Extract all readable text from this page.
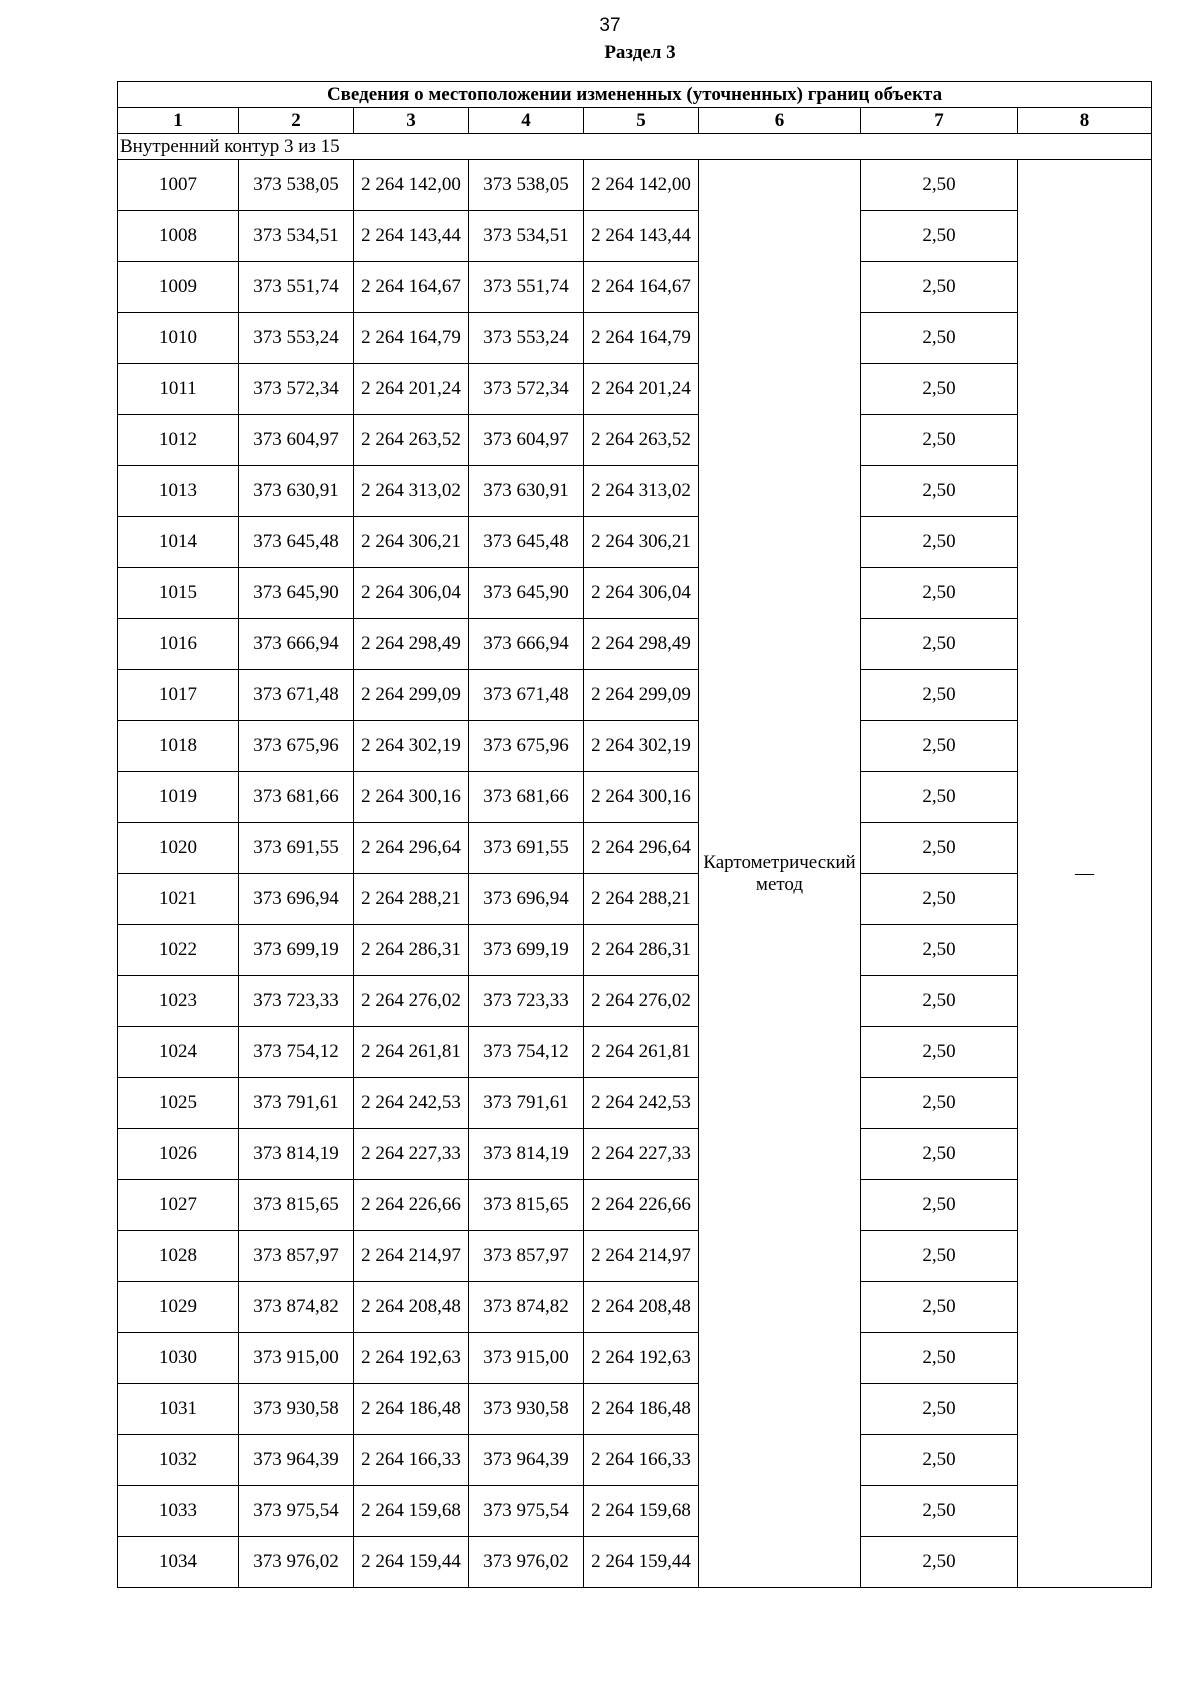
37
Раздел 3
Сведения о местоположении измененных (уточненных) границ объекта							
1	2	3	4	5	6	7	8
Внутренний контур 3 из 15							
1007	373 538,05	2 264 142,00	373 538,05	2 264 142,00	Картометрический метод	2,50	—
1008	373 534,51	2 264 143,44	373 534,51	2 264 143,44		2,50	
1009	373 551,74	2 264 164,67	373 551,74	2 264 164,67		2,50	
1010	373 553,24	2 264 164,79	373 553,24	2 264 164,79		2,50	
1011	373 572,34	2 264 201,24	373 572,34	2 264 201,24		2,50	
1012	373 604,97	2 264 263,52	373 604,97	2 264 263,52		2,50	
1013	373 630,91	2 264 313,02	373 630,91	2 264 313,02		2,50	
1014	373 645,48	2 264 306,21	373 645,48	2 264 306,21		2,50	
1015	373 645,90	2 264 306,04	373 645,90	2 264 306,04		2,50	
1016	373 666,94	2 264 298,49	373 666,94	2 264 298,49		2,50	
1017	373 671,48	2 264 299,09	373 671,48	2 264 299,09		2,50	
1018	373 675,96	2 264 302,19	373 675,96	2 264 302,19		2,50	
1019	373 681,66	2 264 300,16	373 681,66	2 264 300,16		2,50	
1020	373 691,55	2 264 296,64	373 691,55	2 264 296,64		2,50	
1021	373 696,94	2 264 288,21	373 696,94	2 264 288,21		2,50	
1022	373 699,19	2 264 286,31	373 699,19	2 264 286,31		2,50	
1023	373 723,33	2 264 276,02	373 723,33	2 264 276,02		2,50	
1024	373 754,12	2 264 261,81	373 754,12	2 264 261,81		2,50	
1025	373 791,61	2 264 242,53	373 791,61	2 264 242,53		2,50	
1026	373 814,19	2 264 227,33	373 814,19	2 264 227,33		2,50	
1027	373 815,65	2 264 226,66	373 815,65	2 264 226,66		2,50	
1028	373 857,97	2 264 214,97	373 857,97	2 264 214,97		2,50	
1029	373 874,82	2 264 208,48	373 874,82	2 264 208,48		2,50	
1030	373 915,00	2 264 192,63	373 915,00	2 264 192,63		2,50	
1031	373 930,58	2 264 186,48	373 930,58	2 264 186,48		2,50	
1032	373 964,39	2 264 166,33	373 964,39	2 264 166,33		2,50	
1033	373 975,54	2 264 159,68	373 975,54	2 264 159,68		2,50	
1034	373 976,02	2 264 159,44	373 976,02	2 264 159,44		2,50	
